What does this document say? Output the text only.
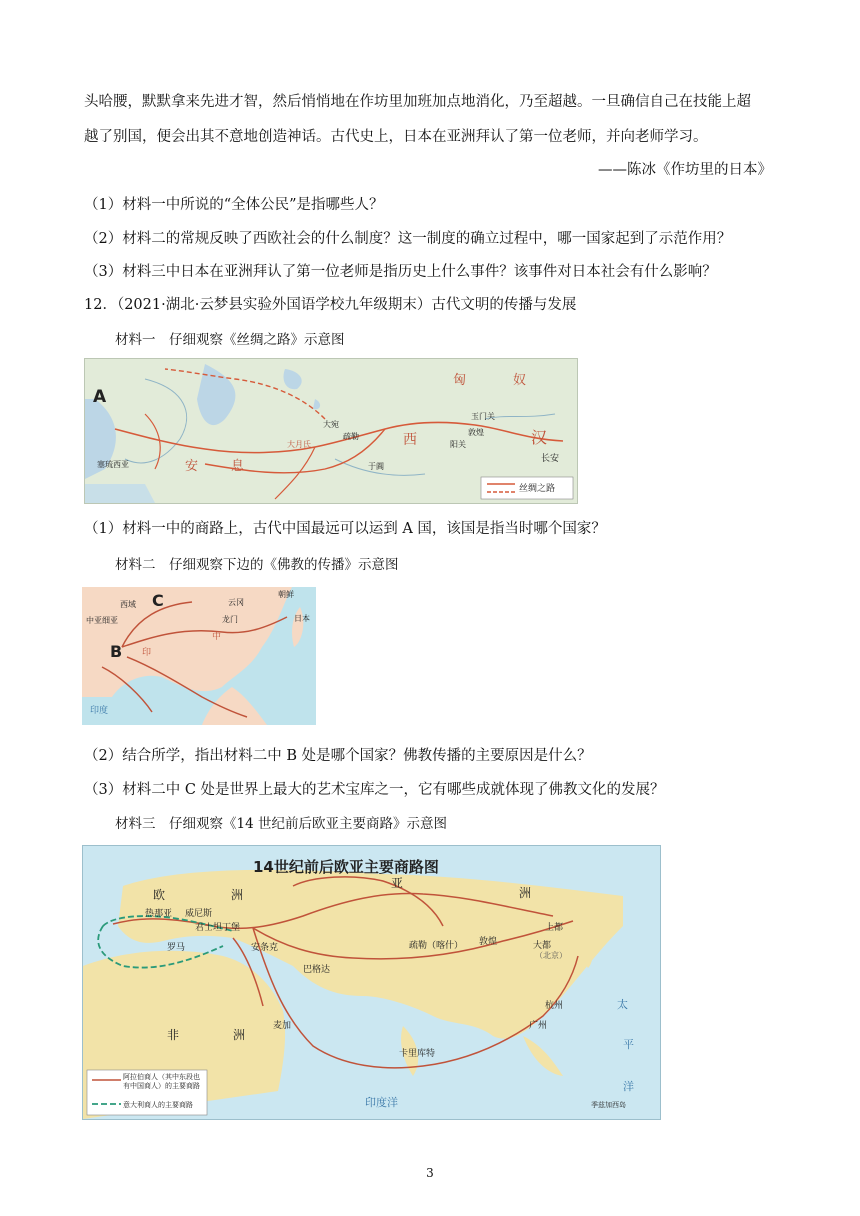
头哈腰，默默拿来先进才智，然后悄悄地在作坊里加班加点地消化，乃至超越。一旦确信自己在技能上超
越了别国，便会出其不意地创造神话。古代史上，日本在亚洲拜认了第一位老师，并向老师学习。
——陈冰《作坊里的日本》
（1）材料一中所说的“全体公民”是指哪些人？
（2）材料二的常规反映了西欧社会的什么制度？这一制度的确立过程中，哪一国家起到了示范作用？
（3）材料三中日本在亚洲拜认了第一位老师是指历史上什么事件？该事件对日本社会有什么影响？
12．（2021·湖北·云梦县实验外国语学校九年级期末）古代文明的传播与发展
材料一　仔细观察《丝绸之路》示意图
A
匈	奴
安	息
西	汉
长安
敦煌
玉门关
阳关
大宛
疏勒
于阗
大月氏
塞琉西亚
丝绸之路
（1）材料一中的商路上，古代中国最远可以运到 A 国，该国是指当时哪个国家？
材料二　仔细观察下边的《佛教的传播》示意图
C
B
西域
中亚细亚
云冈
龙门
朝鲜
日本
中
印
印度
（2）结合所学，指出材料二中 B 处是哪个国家？佛教传播的主要原因是什么？
（3）材料二中 C 处是世界上最大的艺术宝库之一，它有哪些成就体现了佛教文化的发展？
材料三　仔细观察《14 世纪前后欧亚主要商路》示意图
14世纪前后欧亚主要商路图
亚
洲
欧	洲
非	洲
热那亚 威尼斯
君士坦丁堡
罗马	安条克
巴格达
麦加
卡里库特
疏勒（喀什） 敦煌
上都
大都
（北京）
杭州
广州
印度洋
太
平
洋
季兹加西岛
阿拉伯商人（其中东段也有中国商人）的主要商路
意大利商人的主要商路
3
